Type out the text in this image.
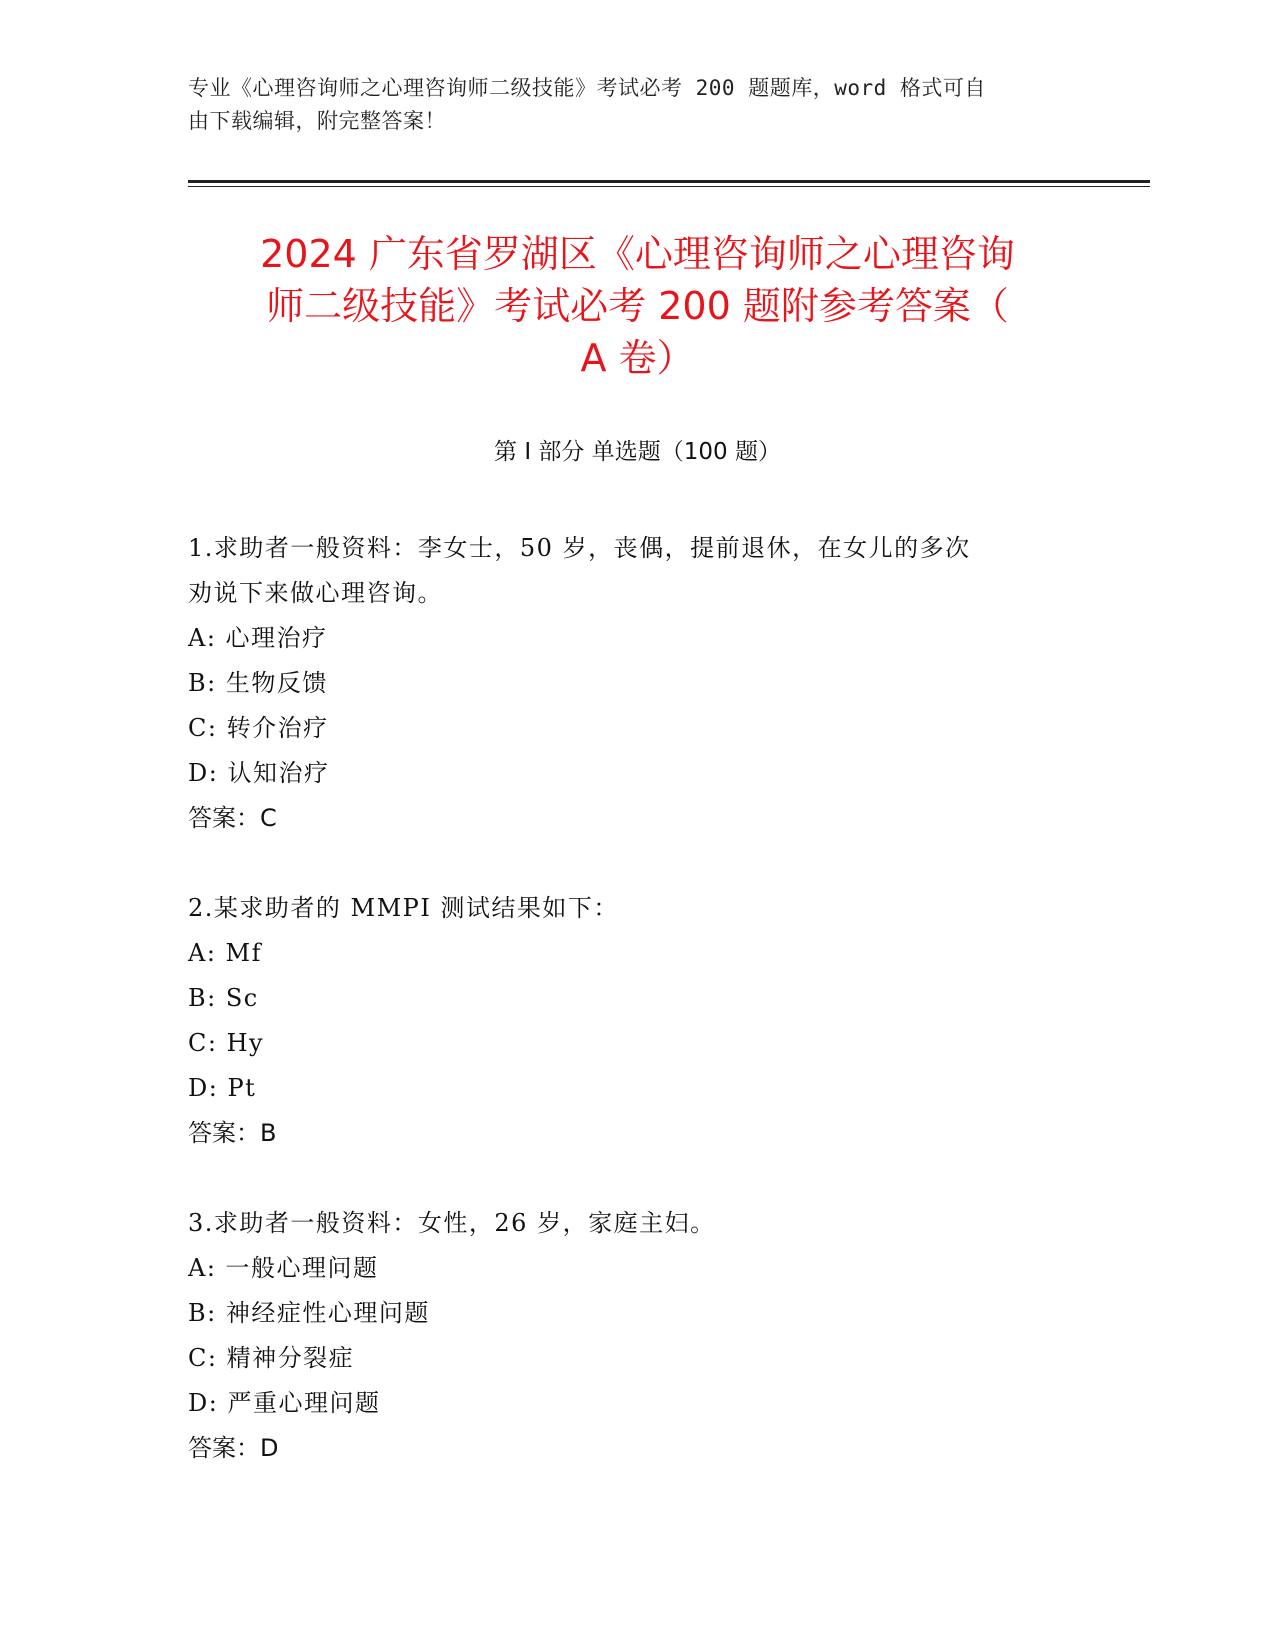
专业《心理咨询师之心理咨询师二级技能》考试必考 200 题题库，word 格式可自
由下载编辑，附完整答案！
2024 广东省罗湖区《心理咨询师之心理咨询
师二级技能》考试必考 200 题附参考答案（
A 卷）
第 I 部分 单选题（100 题）

1.求助者一般资料：李女士，50 岁，丧偶，提前退休，在女儿的多次
劝说下来做心理咨询。

A: 心理治疗
B: 生物反馈
C: 转介治疗
D: 认知治疗
答案：C

2.某求助者的 MMPI 测试结果如下：

A: Mf
B: Sc
C: Hy
D: Pt
答案：B

3.求助者一般资料：女性，26 岁，家庭主妇。

A: 一般心理问题
B: 神经症性心理问题
C: 精神分裂症
D: 严重心理问题
答案：D
